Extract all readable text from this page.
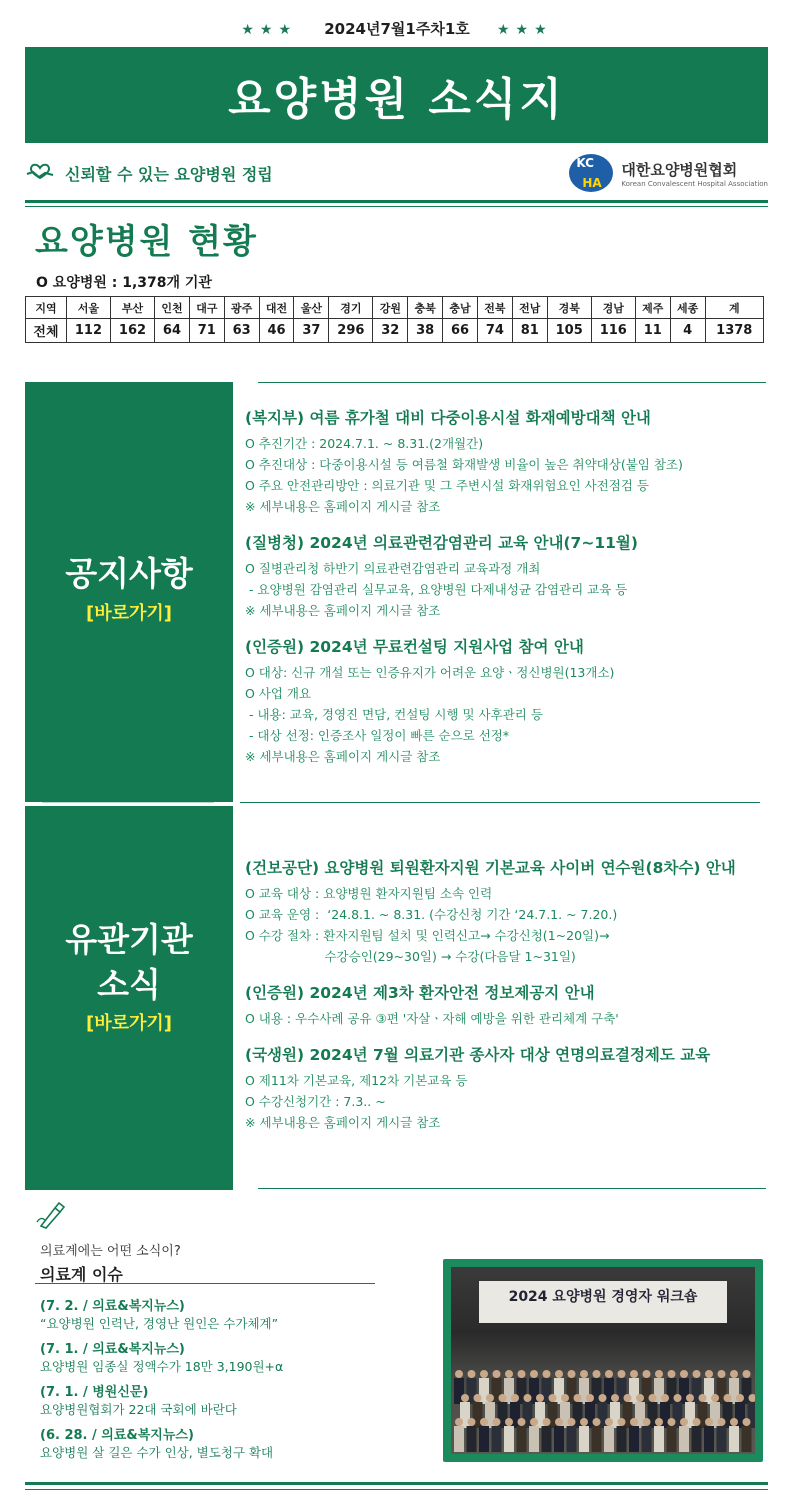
★★★ 2024년7월1주차1호 ★★★
요양병원 소식지
신뢰할 수 있는 요양병원 정립
KC
HA
대한요양병원협회
Korean Convalescent Hospital Association
요양병원 현황
O 요양병원 : 1,378개 기관
지역	서울	부산	인천	대구	광주	대전	울산	경기	강원	충북	충남	전북	전남	경북	경남	제주	세종	계
전체	112	162	64	71	63	46	37	296	32	38	66	74	81	105	116	11	4	1378
공지사항
[바로가기]
(복지부) 여름 휴가철 대비 다중이용시설 화재예방대책 안내
O 추진기간 : 2024.7.1. ~ 8.31.(2개월간)
O 추진대상 : 다중이용시설 등 여름철 화재발생 비율이 높은 취약대상(붙임 참조)
O 주요 안전관리방안 : 의료기관 및 그 주변시설 화재위험요인 사전점검 등
※ 세부내용은 홈페이지 게시글 참조
(질병청) 2024년 의료관련감염관리 교육 안내(7~11월)
O 질병관리청 하반기 의료관련감염관리 교육과정 개최
- 요양병원 감염관리 실무교육, 요양병원 다제내성균 감염관리 교육 등
※ 세부내용은 홈페이지 게시글 참조
(인증원) 2024년 무료컨설팅 지원사업 참여 안내
O 대상: 신규 개설 또는 인증유지가 어려운 요양ㆍ정신병원(13개소)
O 사업 개요
- 내용: 교육, 경영진 면담, 컨설팅 시행 및 사후관리 등
- 대상 선정: 인증조사 일정이 빠른 순으로 선정*
※ 세부내용은 홈페이지 게시글 참조
유관기관
소식
[바로가기]
(건보공단) 요양병원 퇴원환자지원 기본교육 사이버 연수원(8차수) 안내
O 교육 대상 : 요양병원 환자지원팀 소속 인력
O 교육 운영 :  ‘24.8.1. ~ 8.31. (수강신청 기간 ‘24.7.1. ~ 7.20.)
O 수강 절차 : 환자지원팀 설치 및 인력신고→ 수강신청(1~20일)→
수강승인(29~30일) → 수강(다음달 1~31일)
(인증원) 2024년 제3차 환자안전 정보제공지 안내
O 내용 : 우수사례 공유 ③편 '자살ㆍ자해 예방을 위한 관리체계 구축'
(국생원) 2024년 7월 의료기관 종사자 대상 연명의료결정제도 교육
O 제11차 기본교육, 제12차 기본교육 등
O 수강신청기간 : 7.3.. ~
※ 세부내용은 홈페이지 게시글 참조
의료계에는 어떤 소식이?
의료계 이슈
(7. 2. / 의료&복지뉴스)
“요양병원 인력난, 경영난 원인은 수가체계”
(7. 1. / 의료&복지뉴스)
요양병원 임종실 정액수가 18만 3,190원+α
(7. 1. / 병원신문)
요양병원협회가 22대 국회에 바란다
(6. 28. / 의료&복지뉴스)
요양병원 살 길은 수가 인상, 별도청구 확대
2024 요양병원 경영자 워크숍
